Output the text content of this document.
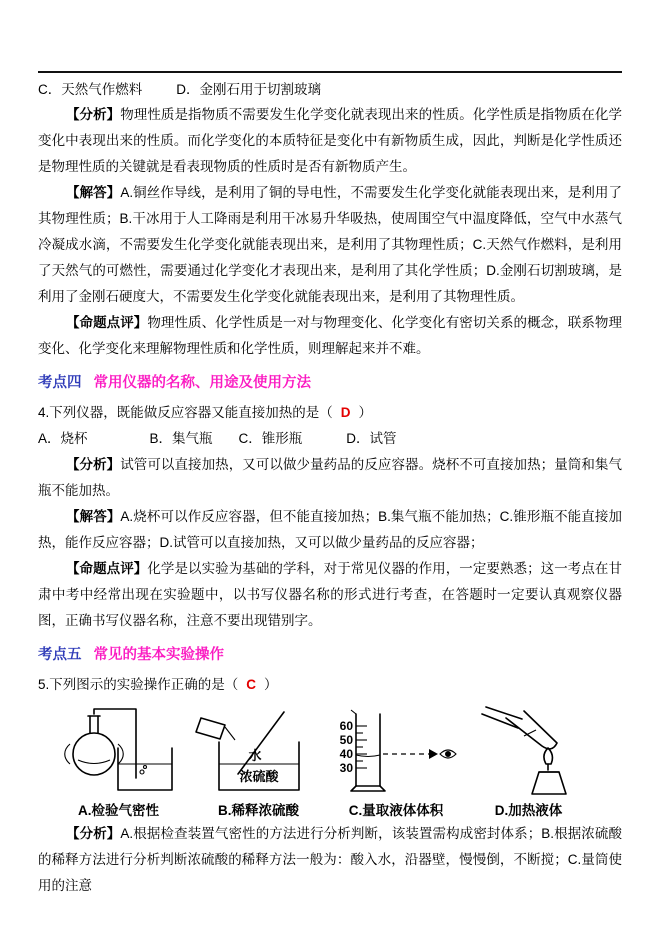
C．天然气作燃料	D．金刚石用于切割玻璃

【分析】物理性质是指物质不需要发生化学变化就表现出来的性质。化学性质是指物质在化学变化中表现出来的性质。而化学变化的本质特征是变化中有新物质生成，因此，判断是化学性质还是物理性质的关键就是看表现物质的性质时是否有新物质产生。

【解答】A.铜丝作导线，是利用了铜的导电性，不需要发生化学变化就能表现出来，是利用了其物理性质；B.干冰用于人工降雨是利用干冰易升华吸热，使周围空气中温度降低，空气中水蒸气冷凝成水滴，不需要发生化学变化就能表现出来，是利用了其物理性质；C.天然气作燃料，是利用了天然气的可燃性，需要通过化学变化才表现出来，是利用了其化学性质；D.金刚石切割玻璃，是利用了金刚石硬度大，不需要发生化学变化就能表现出来，是利用了其物理性质。

【命题点评】物理性质、化学性质是一对与物理变化、化学变化有密切关系的概念，联系物理变化、化学变化来理解物理性质和化学性质，则理解起来并不难。

考点四 常用仪器的名称、用途及使用方法

4.下列仪器，既能做反应容器又能直接加热的是（ D ）

A．烧杯	B．集气瓶 C．锥形瓶	D．试管

【分析】试管可以直接加热，又可以做少量药品的反应容器。烧杯不可直接加热；量筒和集气瓶不能加热。

【解答】A.烧杯可以作反应容器，但不能直接加热；B.集气瓶不能加热；C.锥形瓶不能直接加热，能作反应容器；D.试管可以直接加热，又可以做少量药品的反应容器；

【命题点评】化学是以实验为基础的学科，对于常见仪器的作用，一定要熟悉；这一考点在甘肃中考中经常出现在实验题中，以书写仪器名称的形式进行考查，在答题时一定要认真观察仪器图，正确书写仪器名称，注意不要出现错别字。

考点五 常见的基本实验操作

5.下列图示的实验操作正确的是（ C ）

A.检验气密性
水
浓硫酸
B.稀释浓硫酸
60
50
40
30
C.量取液体体积	D.加热液体

【分析】A.根据检查装置气密性的方法进行分析判断，该装置需构成密封体系；B.根据浓硫酸的稀释方法进行分析判断浓硫酸的稀释方法一般为：酸入水，沿器壁，慢慢倒，不断搅；C.量筒使用的注意
